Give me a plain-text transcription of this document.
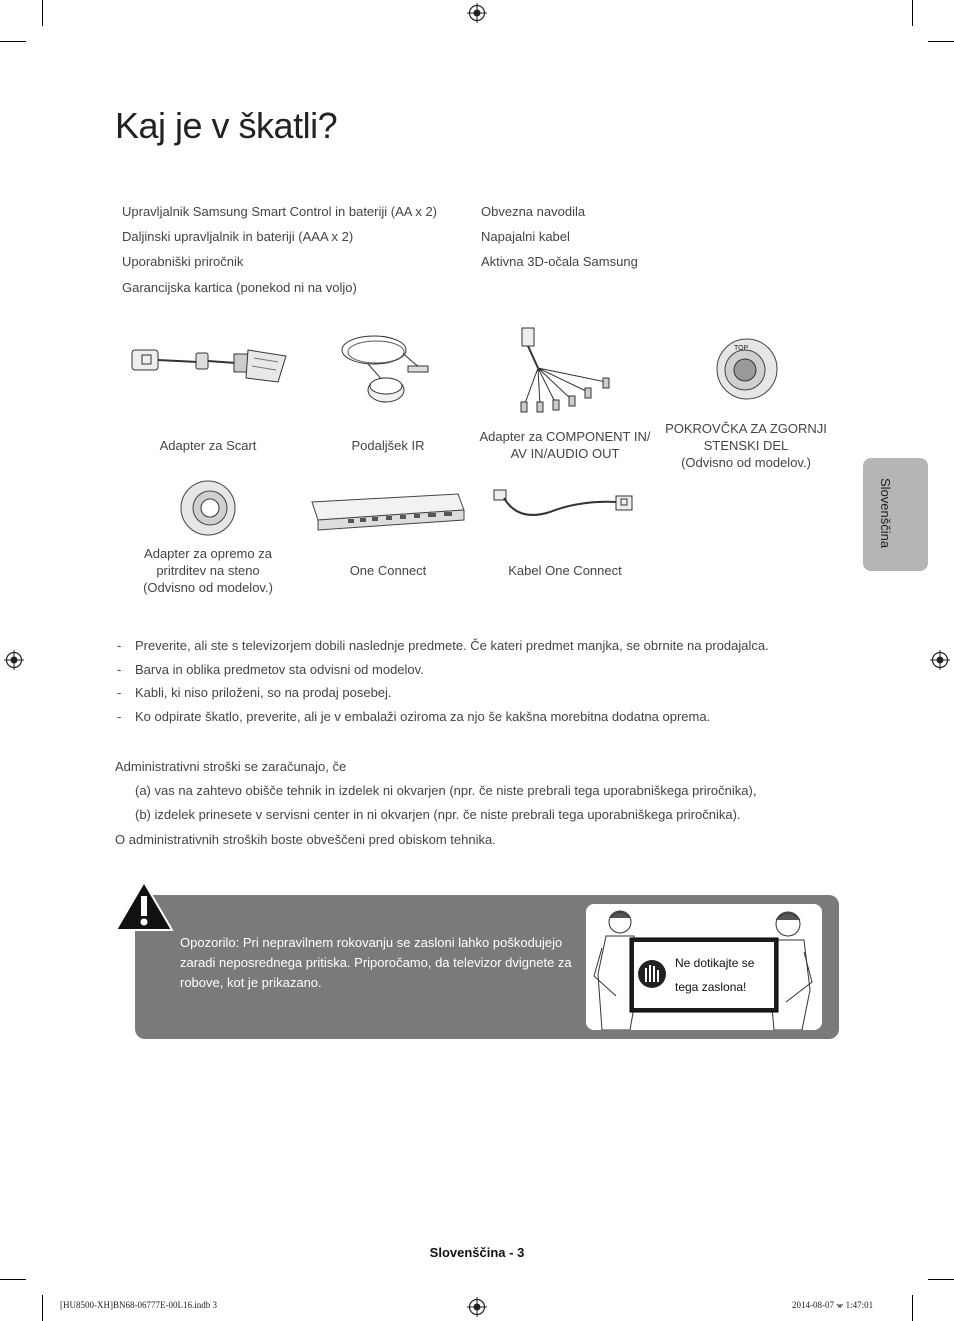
Kaj je v škatli?
Upravljalnik Samsung Smart Control in bateriji (AA x 2)
Daljinski upravljalnik in bateriji (AAA x 2)
Uporabniški priročnik
Garancijska kartica (ponekod ni na voljo)
Obvezna navodila
Napajalni kabel
Aktivna 3D-očala Samsung
TOP
Adapter za Scart	Podaljšek IR
Adapter za COMPONENT IN/
AV IN/AUDIO OUT
POKROVČKA ZA ZGORNJI
STENSKI DEL
(Odvisno od modelov.)
Adapter za opremo za
pritrditev na steno
(Odvisno od modelov.)
One Connect	Kabel One Connect
Slovenščina
- Preverite, ali ste s televizorjem dobili naslednje predmete. Če kateri predmet manjka, se obrnite na prodajalca.
- Barva in oblika predmetov sta odvisni od modelov.
- Kabli, ki niso priloženi, so na prodaj posebej.
- Ko odpirate škatlo, preverite, ali je v embalaži oziroma za njo še kakšna morebitna dodatna oprema.
Administrativni stroški se zaračunajo, če
(a) vas na zahtevo obišče tehnik in izdelek ni okvarjen (npr. če niste prebrali tega uporabniškega priročnika),
(b) izdelek prinesete v servisni center in ni okvarjen (npr. če niste prebrali tega uporabniškega priročnika).
O administrativnih stroških boste obveščeni pred obiskom tehnika.
Opozorilo: Pri nepravilnem rokovanju se zasloni lahko poškodujejo zaradi neposrednega pritiska. Priporočamo, da televizor dvignete za robove, kot je prikazano.
Ne dotikajte se
tega zaslona!
Slovenščina - 3
[HU8500-XH]BN68-06777E-00L16.indb 3	2014-08-07 ⩖ 1:47:01
